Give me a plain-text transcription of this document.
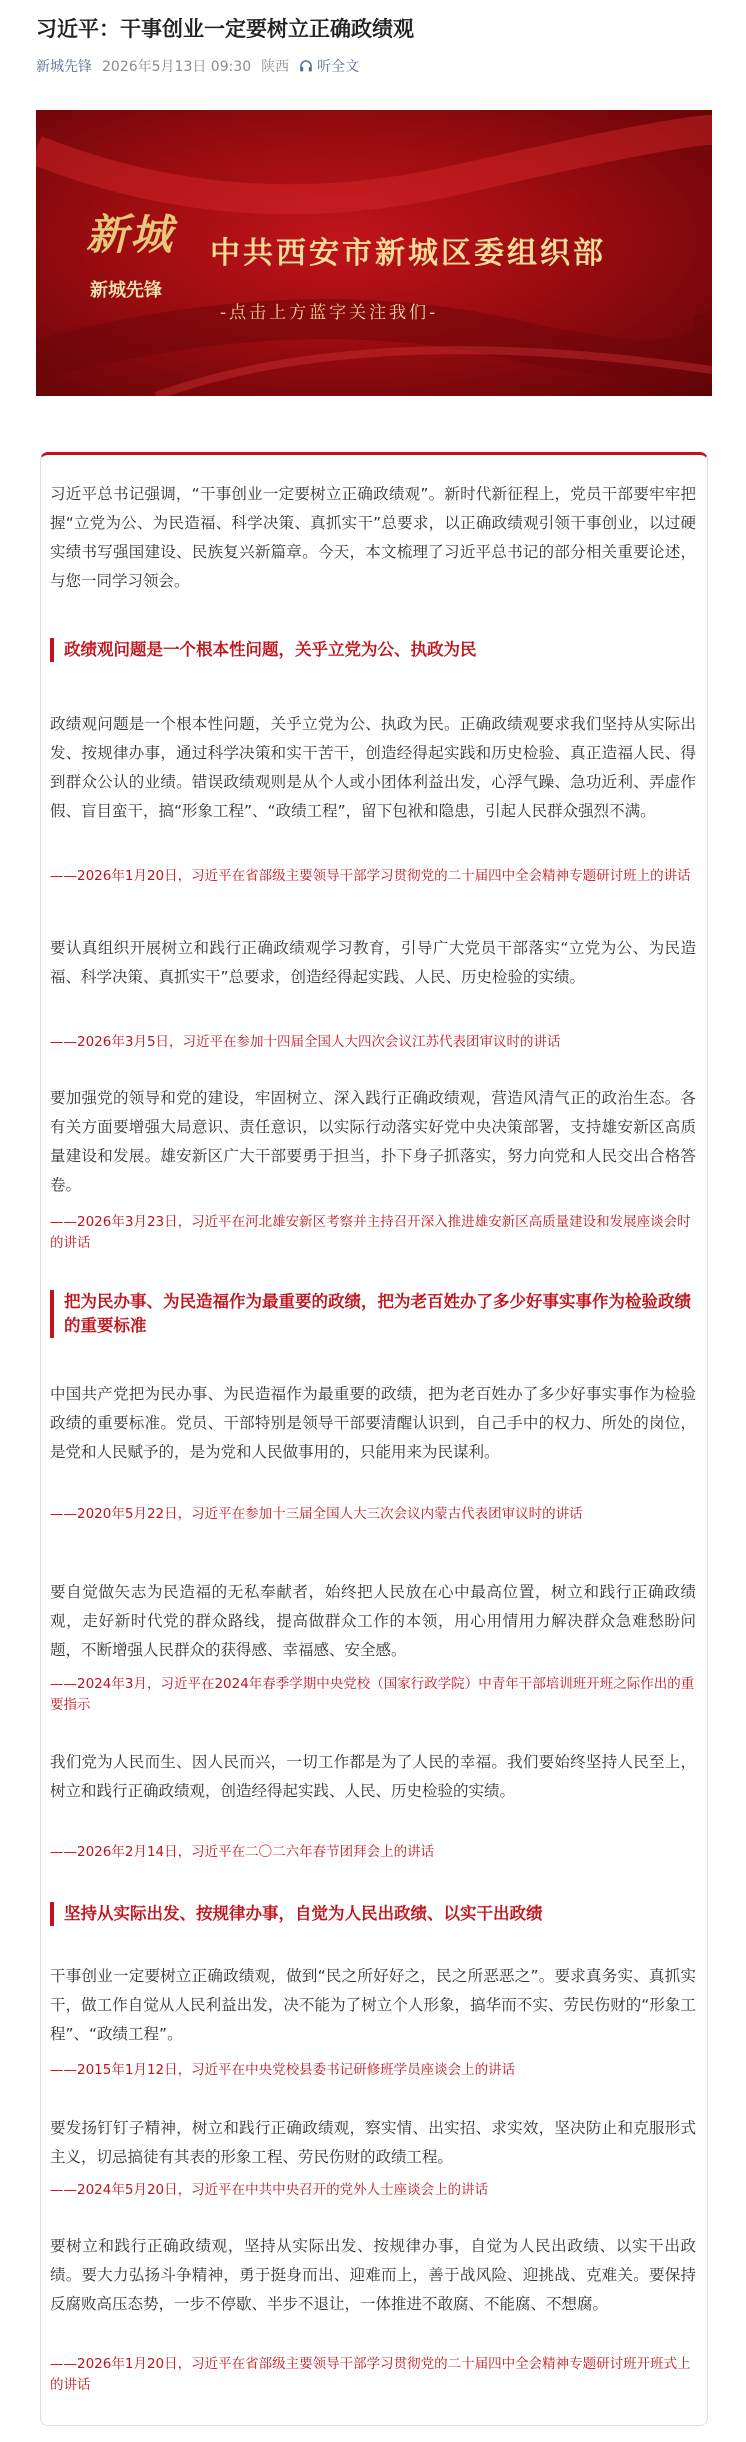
习近平：干事创业一定要树立正确政绩观
新城先锋 2026年5月13日 09:30 陕西 听全文
新城
新城先锋
中共西安市新城区委组织部
-点击上方蓝字关注我们-

习近平总书记强调，“干事创业一定要树立正确政绩观”。新时代新征程上，党员干部要牢牢把握“立党为公、为民造福、科学决策、真抓实干”总要求，以正确政绩观引领干事创业，以过硬实绩书写强国建设、民族复兴新篇章。今天，本文梳理了习近平总书记的部分相关重要论述，与您一同学习领会。

政绩观问题是一个根本性问题，关乎立党为公、执政为民

政绩观问题是一个根本性问题，关乎立党为公、执政为民。正确政绩观要求我们坚持从实际出发、按规律办事，通过科学决策和实干苦干，创造经得起实践和历史检验、真正造福人民、得到群众公认的业绩。错误政绩观则是从个人或小团体利益出发，心浮气躁、急功近利、弄虚作假、盲目蛮干，搞“形象工程”、“政绩工程”，留下包袱和隐患，引起人民群众强烈不满。

——2026年1月20日，习近平在省部级主要领导干部学习贯彻党的二十届四中全会精神专题研讨班上的讲话

要认真组织开展树立和践行正确政绩观学习教育，引导广大党员干部落实“立党为公、为民造福、科学决策、真抓实干”总要求，创造经得起实践、人民、历史检验的实绩。

——2026年3月5日，习近平在参加十四届全国人大四次会议江苏代表团审议时的讲话

要加强党的领导和党的建设，牢固树立、深入践行正确政绩观，营造风清气正的政治生态。各有关方面要增强大局意识、责任意识，以实际行动落实好党中央决策部署，支持雄安新区高质量建设和发展。雄安新区广大干部要勇于担当，扑下身子抓落实，努力向党和人民交出合格答卷。

——2026年3月23日，习近平在河北雄安新区考察并主持召开深入推进雄安新区高质量建设和发展座谈会时的讲话

把为民办事、为民造福作为最重要的政绩，把为老百姓办了多少好事实事作为检验政绩的重要标准

中国共产党把为民办事、为民造福作为最重要的政绩，把为老百姓办了多少好事实事作为检验政绩的重要标准。党员、干部特别是领导干部要清醒认识到，自己手中的权力、所处的岗位，是党和人民赋予的，是为党和人民做事用的，只能用来为民谋利。

——2020年5月22日，习近平在参加十三届全国人大三次会议内蒙古代表团审议时的讲话

要自觉做矢志为民造福的无私奉献者，始终把人民放在心中最高位置，树立和践行正确政绩观，走好新时代党的群众路线，提高做群众工作的本领，用心用情用力解决群众急难愁盼问题，不断增强人民群众的获得感、幸福感、安全感。

——2024年3月，习近平在2024年春季学期中央党校（国家行政学院）中青年干部培训班开班之际作出的重要指示

我们党为人民而生、因人民而兴，一切工作都是为了人民的幸福。我们要始终坚持人民至上，树立和践行正确政绩观，创造经得起实践、人民、历史检验的实绩。

——2026年2月14日，习近平在二〇二六年春节团拜会上的讲话

坚持从实际出发、按规律办事，自觉为人民出政绩、以实干出政绩

干事创业一定要树立正确政绩观，做到“民之所好好之，民之所恶恶之”。要求真务实、真抓实干，做工作自觉从人民利益出发，决不能为了树立个人形象，搞华而不实、劳民伤财的“形象工程”、“政绩工程”。

——2015年1月12日，习近平在中央党校县委书记研修班学员座谈会上的讲话

要发扬钉钉子精神，树立和践行正确政绩观，察实情、出实招、求实效，坚决防止和克服形式主义，切忌搞徒有其表的形象工程、劳民伤财的政绩工程。

——2024年5月20日，习近平在中共中央召开的党外人士座谈会上的讲话

要树立和践行正确政绩观，坚持从实际出发、按规律办事，自觉为人民出政绩、以实干出政绩。要大力弘扬斗争精神，勇于挺身而出、迎难而上，善于战风险、迎挑战、克难关。要保持反腐败高压态势，一步不停歇、半步不退让，一体推进不敢腐、不能腐、不想腐。

——2026年1月20日，习近平在省部级主要领导干部学习贯彻党的二十届四中全会精神专题研讨班开班式上的讲话
